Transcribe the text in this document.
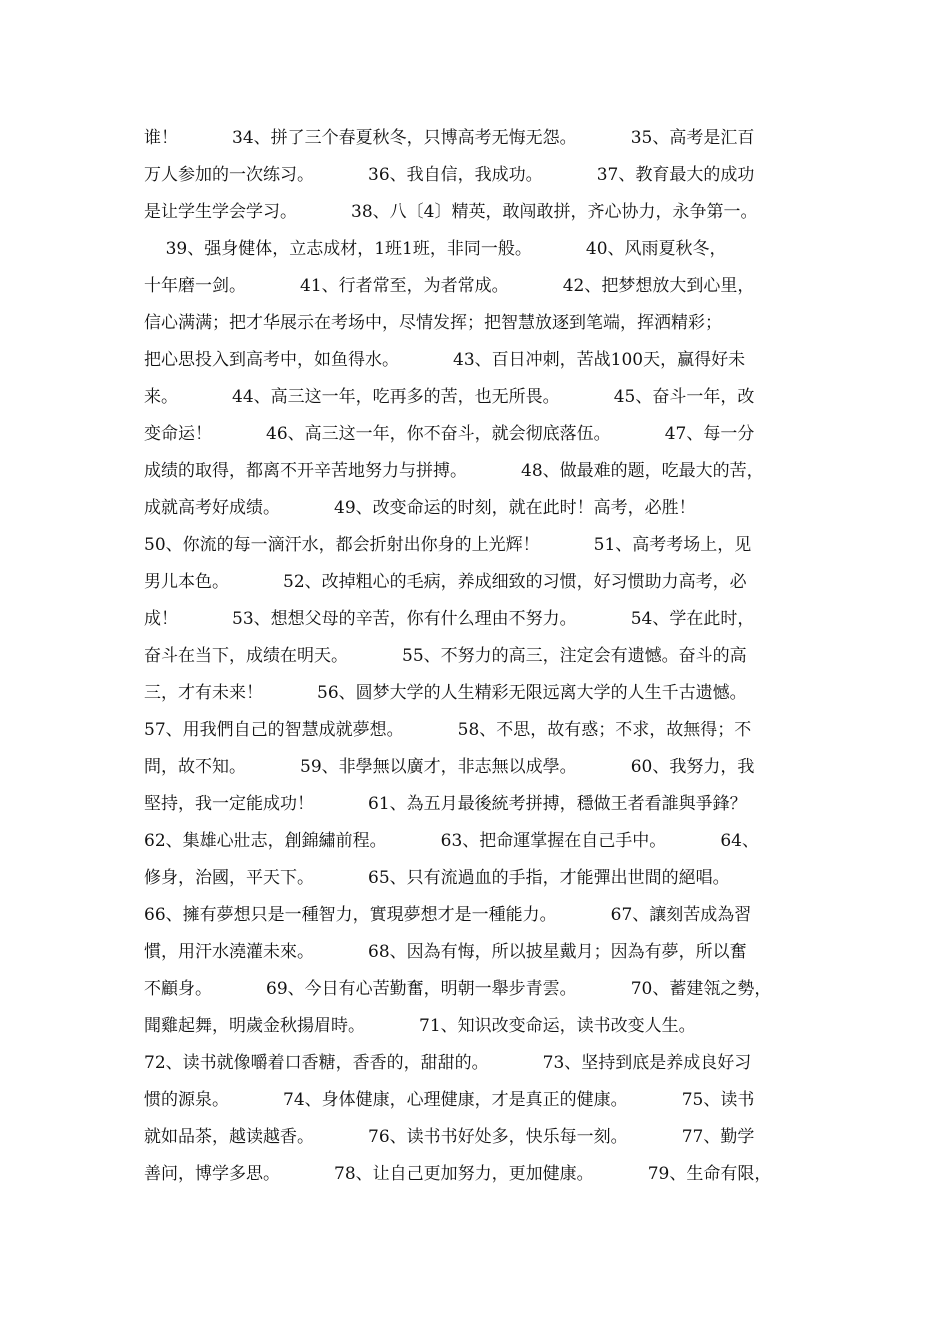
谁！          34、拼了三个春夏秋冬，只博高考无悔无怨。          35、高考是汇百
万人参加的一次练习。          36、我自信，我成功。          37、教育最大的成功
是让学生学会学习。          38、八〔4〕精英，敢闯敢拼，齐心协力，永争第一。
39、强身健体，立志成材，1班1班，非同一般。          40、风雨夏秋冬，
十年磨一剑。          41、行者常至，为者常成。          42、把梦想放大到心里，
信心满满；把才华展示在考场中，尽情发挥；把智慧放逐到笔端，挥洒精彩；
把心思投入到高考中，如鱼得水。          43、百日冲刺，苦战100天，赢得好未
来。          44、高三这一年，吃再多的苦，也无所畏。          45、奋斗一年，改
变命运！          46、高三这一年，你不奋斗，就会彻底落伍。          47、每一分
成绩的取得，都离不开辛苦地努力与拼搏。          48、做最难的题，吃最大的苦，
成就高考好成绩。          49、改变命运的时刻，就在此时！高考，必胜！
50、你流的每一滴汗水，都会折射出你身的上光辉！          51、高考考场上，见
男儿本色。          52、改掉粗心的毛病，养成细致的习惯，好习惯助力高考，必
成！          53、想想父母的辛苦，你有什么理由不努力。          54、学在此时，
奋斗在当下，成绩在明天。          55、不努力的高三，注定会有遗憾。奋斗的高
三，才有未来！          56、圆梦大学的人生精彩无限远离大学的人生千古遗憾。
57、用我們自己的智慧成就夢想。          58、不思，故有惑；不求，故無得；不
問，故不知。          59、非學無以廣才，非志無以成學。          60、我努力，我
堅持，我一定能成功！          61、為五月最後統考拼搏，穩做王者看誰與爭鋒？
62、集雄心壯志，創錦繡前程。          63、把命運掌握在自己手中。          64、
修身，治國，平天下。          65、只有流過血的手指，才能彈出世間的絕唱。
66、擁有夢想只是一種智力，實現夢想才是一種能力。          67、讓刻苦成為習
慣，用汗水澆灌未來。          68、因為有悔，所以披星戴月；因為有夢，所以奮
不顧身。          69、今日有心苦勤奮，明朝一舉步青雲。          70、蓄建瓴之勢，
聞雞起舞，明歲金秋揚眉時。          71、知识改变命运，读书改变人生。
72、读书就像嚼着口香糖，香香的，甜甜的。          73、坚持到底是养成良好习
惯的源泉。          74、身体健康，心理健康，才是真正的健康。          75、读书
就如品茶，越读越香。          76、读书书好处多，快乐每一刻。          77、勤学
善问，博学多思。          78、让自己更加努力，更加健康。          79、生命有限，
